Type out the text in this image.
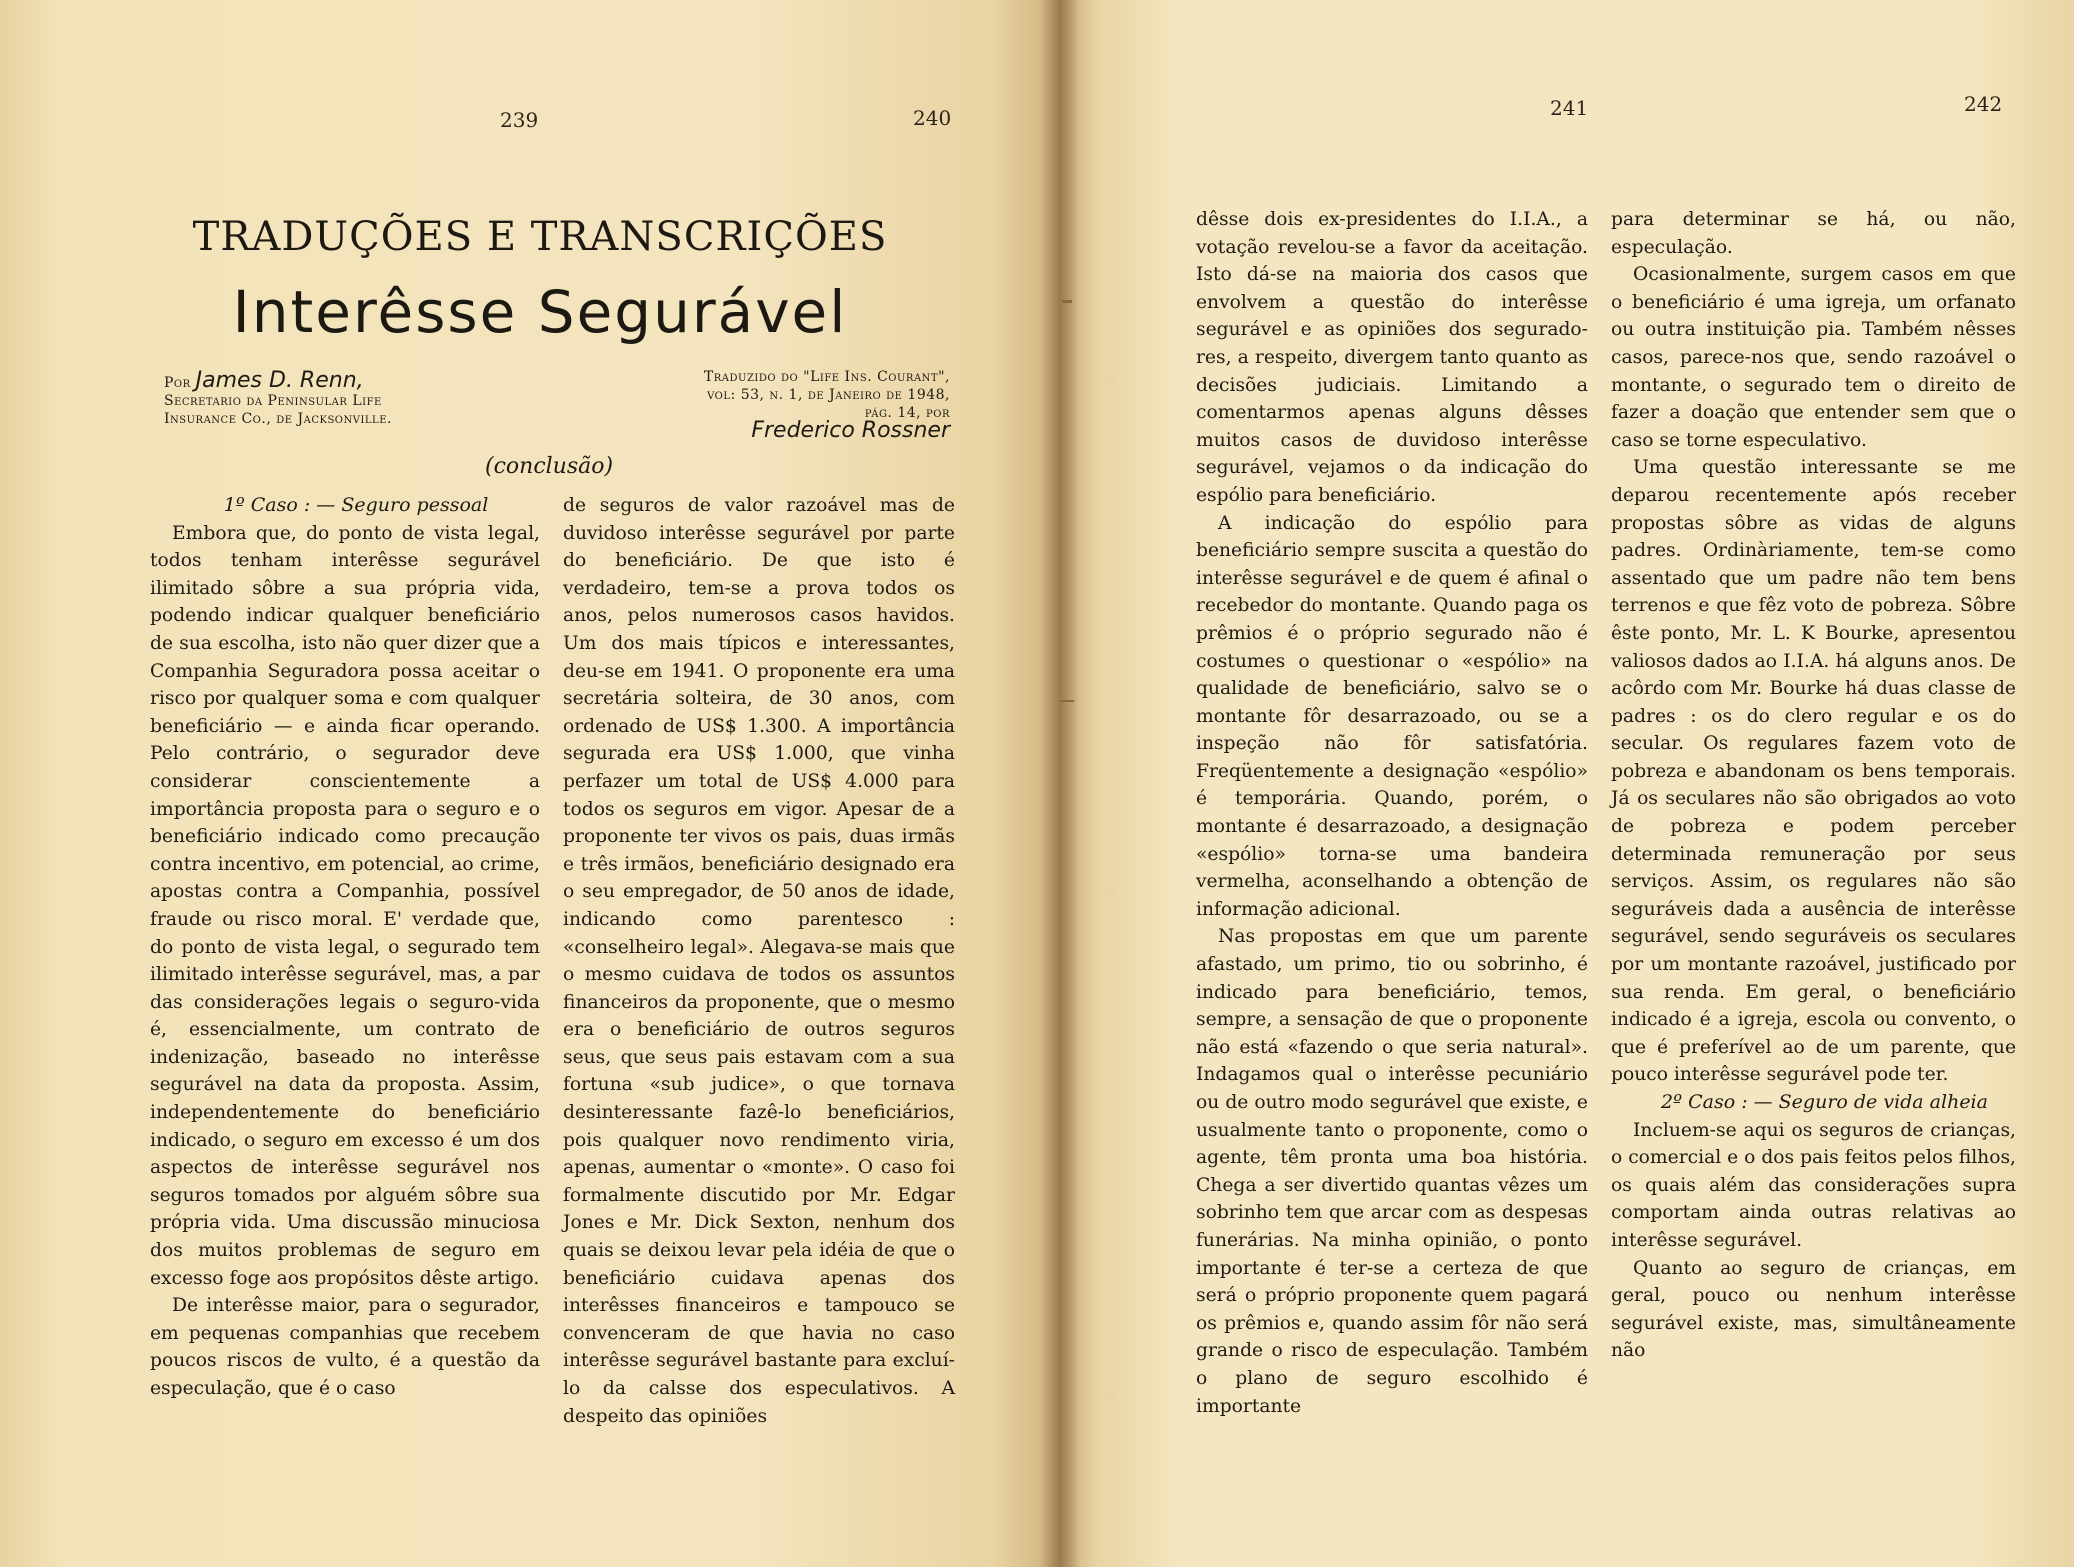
239	240	241	242
TRADUÇÕES E TRANSCRIÇÕES
Interêsse Segurável
Por James D. Renn,
Secretario da Peninsular Life
Insurance Co., de Jacksonville.
Traduzido do "Life Ins. Courant",
vol: 53, n. 1, de Janeiro de 1948,
pág. 14, por
Frederico Rossner
(conclusão)

1º Caso : — Seguro pessoal

Embora que, do ponto de vista legal, todos tenham interêsse segurável ilimitado sôbre a sua própria vida, podendo indicar qualquer beneficiário de sua escolha, isto não quer dizer que a Companhia Seguradora possa aceitar o risco por qualquer soma e com qualquer beneficiário — e ainda ficar operando. Pelo contrário, o segurador deve considerar conscientemente a importância proposta para o seguro e o beneficiário indicado como precaução contra incentivo, em potencial, ao crime, apostas contra a Companhia, possível fraude ou risco moral. E' verdade que, do ponto de vista legal, o segurado tem ilimitado interêsse segurável, mas, a par das considerações legais o seguro-vida é, essencialmente, um contrato de indenização, baseado no interêsse segurável na data da proposta. Assim, independentemente do beneficiário indicado, o seguro em excesso é um dos aspectos de interêsse segurável nos seguros tomados por alguém sôbre sua própria vida. Uma discussão minuciosa dos muitos problemas de seguro em excesso foge aos propósitos dêste artigo.

De interêsse maior, para o segurador, em pequenas companhias que recebem poucos riscos de vulto, é a questão da especulação, que é o caso

de seguros de valor razoável mas de duvidoso interêsse segurável por parte do beneficiário. De que isto é verdadeiro, tem-se a prova todos os anos, pelos numerosos casos havidos. Um dos mais típicos e interessantes, deu-se em 1941. O proponente era uma secretária solteira, de 30 anos, com ordenado de US$ 1.300. A importância segurada era US$ 1.000, que vinha perfazer um total de US$ 4.000 para todos os seguros em vigor. Apesar de a proponente ter vivos os pais, duas irmãs e três irmãos, beneficiário designado era o seu empregador, de 50 anos de idade, indicando como parentesco : «conselheiro legal». Alegava-se mais que o mesmo cuidava de todos os assuntos financeiros da proponente, que o mesmo era o beneficiário de outros seguros seus, que seus pais estavam com a sua fortuna «sub judice», o que tornava desinteressante fazê-lo beneficiários, pois qualquer novo rendimento viria, apenas, aumentar o «monte». O caso foi formalmente discutido por Mr. Edgar Jones e Mr. Dick Sexton, nenhum dos quais se deixou levar pela idéia de que o beneficiário cuidava apenas dos interêsses financeiros e tampouco se convenceram de que havia no caso interêsse segurável bastante para excluí-lo da calsse dos especulativos. A despeito das opiniões

dêsse dois ex-presidentes do I.I.A., a votação revelou-se a favor da aceitação. Isto dá-se na maioria dos casos que envolvem a questão do interêsse segurável e as opiniões dos segurado-res, a respeito, divergem tanto quanto as decisões judiciais. Limitando a comentarmos apenas alguns dêsses muitos casos de duvidoso interêsse segurável, vejamos o da indicação do espólio para beneficiário.

A indicação do espólio para beneficiário sempre suscita a questão do interêsse segurável e de quem é afinal o recebedor do montante. Quando paga os prêmios é o próprio segurado não é costumes o questionar o «espólio» na qualidade de beneficiário, salvo se o montante fôr desarrazoado, ou se a inspeção não fôr satisfatória. Freqüentemente a designação «espólio» é temporária. Quando, porém, o montante é desarrazoado, a designação «espólio» torna-se uma bandeira vermelha, aconselhando a obtenção de informação adicional.

Nas propostas em que um parente afastado, um primo, tio ou sobrinho, é indicado para beneficiário, temos, sempre, a sensação de que o proponente não está «fazendo o que seria natural». Indagamos qual o interêsse pecuniário ou de outro modo segurável que existe, e usualmente tanto o proponente, como o agente, têm pronta uma boa história. Chega a ser divertido quantas vêzes um sobrinho tem que arcar com as despesas funerárias. Na minha opinião, o ponto importante é ter-se a certeza de que será o próprio proponente quem pagará os prêmios e, quando assim fôr não será grande o risco de especulação. Também o plano de seguro escolhido é importante

para determinar se há, ou não, especulação.

Ocasionalmente, surgem casos em que o beneficiário é uma igreja, um orfanato ou outra instituição pia. Também nêsses casos, parece-nos que, sendo razoável o montante, o segurado tem o direito de fazer a doação que entender sem que o caso se torne especulativo.

Uma questão interessante se me deparou recentemente após receber propostas sôbre as vidas de alguns padres. Ordinàriamente, tem-se como assentado que um padre não tem bens terrenos e que fêz voto de pobreza. Sôbre êste ponto, Mr. L. K Bourke, apresentou valiosos dados ao I.I.A. há alguns anos. De acôrdo com Mr. Bourke há duas classe de padres : os do clero regular e os do secular. Os regulares fazem voto de pobreza e abandonam os bens temporais. Já os seculares não são obrigados ao voto de pobreza e podem perceber determinada remuneração por seus serviços. Assim, os regulares não são seguráveis dada a ausência de interêsse segurável, sendo seguráveis os seculares por um montante razoável, justificado por sua renda. Em geral, o beneficiário indicado é a igreja, escola ou convento, o que é preferível ao de um parente, que pouco interêsse segurável pode ter.

2º Caso : — Seguro de vida alheia

Incluem-se aqui os seguros de crianças, o comercial e o dos pais feitos pelos filhos, os quais além das considerações supra comportam ainda outras relativas ao interêsse segurável.

Quanto ao seguro de crianças, em geral, pouco ou nenhum interêsse segurável existe, mas, simultâneamente não
